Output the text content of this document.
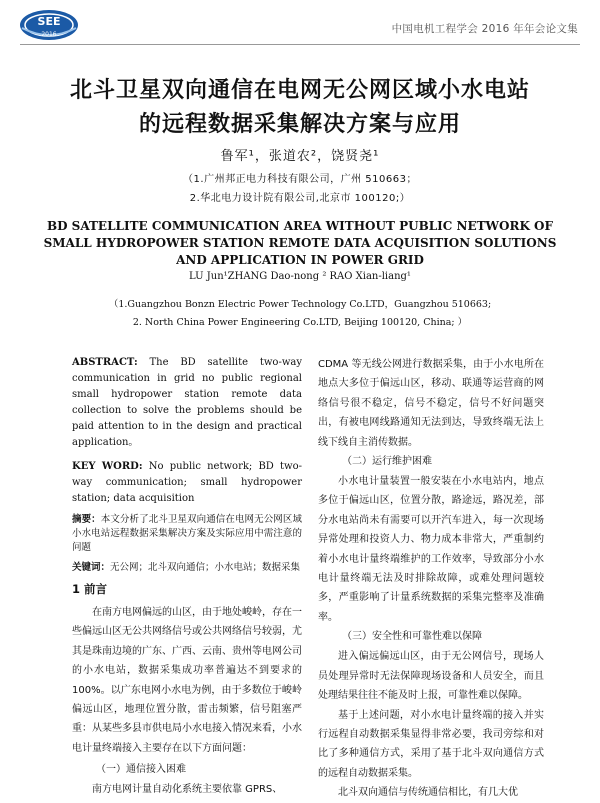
SEE
2016	中国电机工程学会 2016 年年会论文集
北斗卫星双向通信在电网无公网区域小水电站
的远程数据采集解决方案与应用
鲁军¹，张道农²，饶贤尧¹
（1.广州邦正电力科技有限公司，广州 510663；
2.华北电力设计院有限公司,北京市 100120;）
BD SATELLITE COMMUNICATION AREA WITHOUT PUBLIC NETWORK OF
SMALL HYDROPOWER STATION REMOTE DATA ACQUISITION SOLUTIONS
AND APPLICATION IN POWER GRID
LU Jun¹ZHANG Dao-nong ² RAO Xian-liang¹
（1.Guangzhou Bonzn Electric Power Technology Co.LTD，Guangzhou 510663;
2. North China Power Engineering Co.LTD, Beijing 100120, China; ）

ABSTRACT: The BD satellite two-way communication in grid no public regional small hydropower station remote data collection to solve the problems should be paid attention to in the design and practical application。

KEY WORD: No public network; BD two-way communication; small hydropower station; data acquisition

摘要：本文分析了北斗卫星双向通信在电网无公网区域小水电站远程数据采集解决方案及实际应用中需注意的问题

关键词：无公网；北斗双向通信；小水电站；数据采集

1 前言

在南方电网偏远的山区，由于地处峻岭，存在一些偏远山区无公共网络信号或公共网络信号较弱，尤其是珠南边境的广东、广西、云南、贵州等电网公司的小水电站，数据采集成功率普遍达不到要求的100%。以广东电网小水电为例，由于多数位于峻岭偏远山区，地理位置分散，雷击频繁，信号阻塞严重：从某些多县市供电局小水电接入情况来看，小水电计量终端接入主要存在以下方面问题：

（一）通信接入困难

南方电网计量自动化系统主要依靠 GPRS、

CDMA 等无线公网进行数据采集，由于小水电所在地点大多位于偏远山区，移动、联通等运营商的网络信号很不稳定，信号不稳定，信号不好问题突出，有被电网线路通知无法到达，导致终端无法上线下线自主消传数据。

（二）运行维护困难

小水电计量装置一般安装在小水电站内，地点多位于偏远山区，位置分散，路途远，路况差，部分水电站尚未有需要可以开汽车进入，每一次现场异常处理和投资人力、物力成本非常大，严重制约着小水电计量终端维护的工作效率，导致部分小水电计量终端无法及时排除故障，或难处理问题较多，严重影响了计量系统数据的采集完整率及准确率。

（三）安全性和可靠性难以保障

进入偏远偏远山区，由于无公网信号，现场人员处理异常时无法保障现场设备和人员安全，而且处理结果往往不能及时上报，可靠性难以保障。

基于上述问题，对小水电计量终端的接入并实行远程自动数据采集显得非常必要，我司旁综和对比了多种通信方式，采用了基于北斗双向通信方式的远程自动数据采集。

北斗双向通信与传统通信相比，有几大优
